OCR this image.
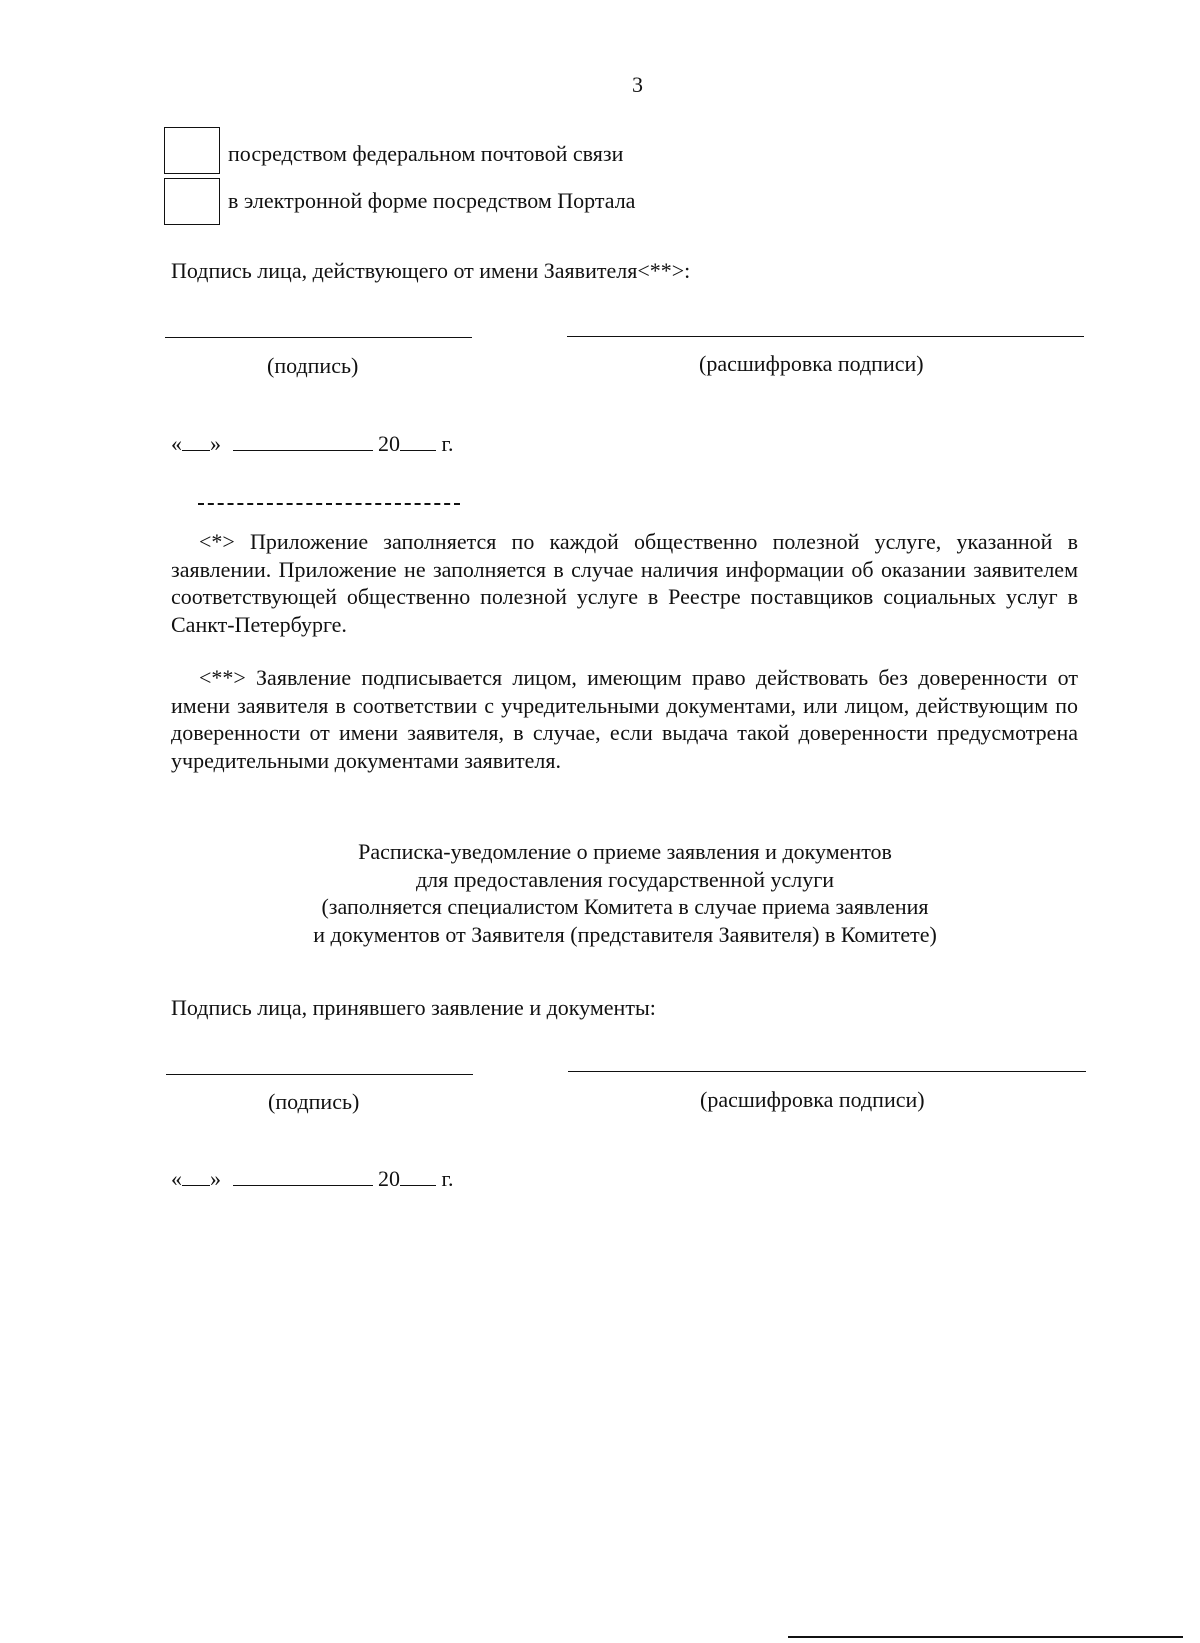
3
посредством федеральном почтовой связи
в электронной форме посредством Портала
Подпись лица, действующего от имени Заявителя<**>:
(подпись)	(расшифровка подписи)
« »	20 г.
<*> Приложение заполняется по каждой общественно полезной услуге, указанной в заявлении. Приложение не заполняется в случае наличия информации об оказании заявителем соответствующей общественно полезной услуге в Реестре поставщиков социальных услуг в Санкт-Петербурге.
<**> Заявление подписывается лицом, имеющим право действовать без доверенности от имени заявителя в соответствии с учредительными документами, или лицом, действующим по доверенности от имени заявителя, в случае, если выдача такой доверенности предусмотрена учредительными документами заявителя.
Расписка-уведомление о приеме заявления и документов
для предоставления государственной услуги
(заполняется специалистом Комитета в случае приема заявления
и документов от Заявителя (представителя Заявителя) в Комитете)
Подпись лица, принявшего заявление и документы:
(подпись)	(расшифровка подписи)
« »	20 г.
